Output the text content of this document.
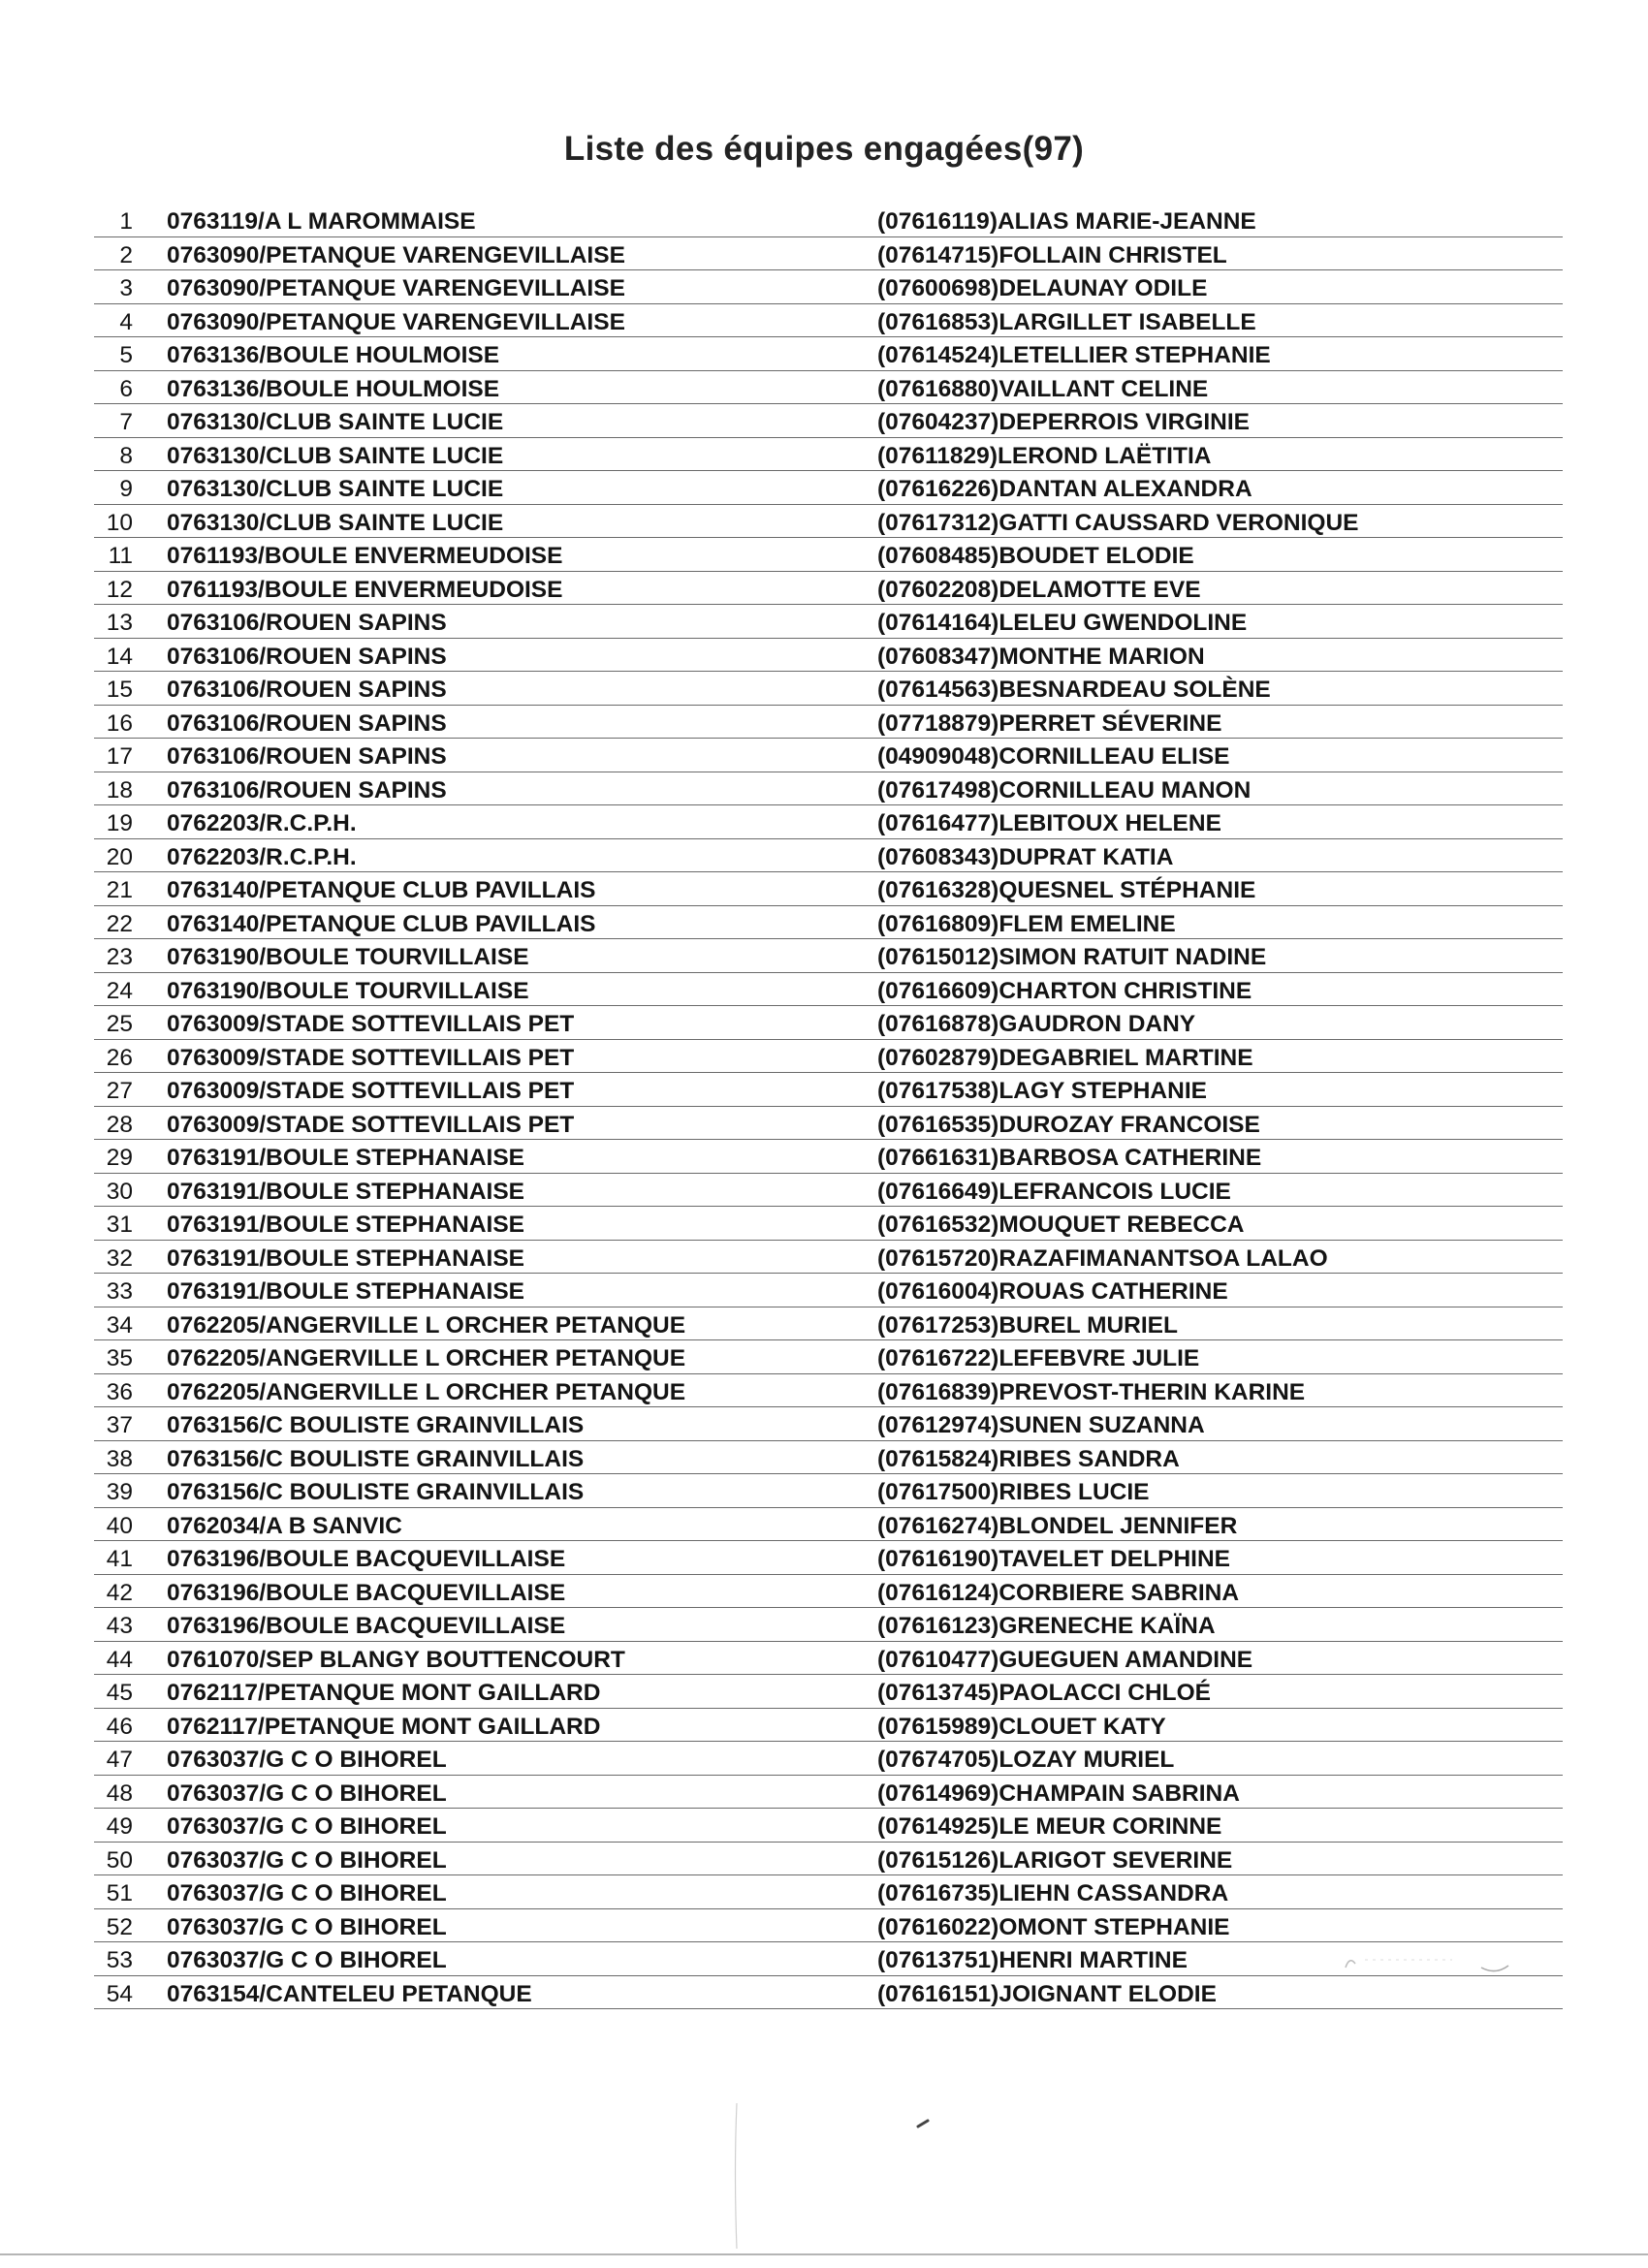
Liste des équipes engagées(97)
1 0763119/A L MAROMMAISE	(07616119)ALIAS MARIE-JEANNE
2 0763090/PETANQUE VARENGEVILLAISE	(07614715)FOLLAIN CHRISTEL
3 0763090/PETANQUE VARENGEVILLAISE	(07600698)DELAUNAY ODILE
4 0763090/PETANQUE VARENGEVILLAISE	(07616853)LARGILLET ISABELLE
5 0763136/BOULE HOULMOISE	(07614524)LETELLIER STEPHANIE
6 0763136/BOULE HOULMOISE	(07616880)VAILLANT CELINE
7 0763130/CLUB SAINTE LUCIE	(07604237)DEPERROIS VIRGINIE
8 0763130/CLUB SAINTE LUCIE	(07611829)LEROND LAËTITIA
9 0763130/CLUB SAINTE LUCIE	(07616226)DANTAN ALEXANDRA
10 0763130/CLUB SAINTE LUCIE	(07617312)GATTI CAUSSARD VERONIQUE
11 0761193/BOULE ENVERMEUDOISE	(07608485)BOUDET ELODIE
12 0761193/BOULE ENVERMEUDOISE	(07602208)DELAMOTTE EVE
13 0763106/ROUEN SAPINS	(07614164)LELEU GWENDOLINE
14 0763106/ROUEN SAPINS	(07608347)MONTHE MARION
15 0763106/ROUEN SAPINS	(07614563)BESNARDEAU SOLÈNE
16 0763106/ROUEN SAPINS	(07718879)PERRET SÉVERINE
17 0763106/ROUEN SAPINS	(04909048)CORNILLEAU ELISE
18 0763106/ROUEN SAPINS	(07617498)CORNILLEAU MANON
19 0762203/R.C.P.H.	(07616477)LEBITOUX HELENE
20 0762203/R.C.P.H.	(07608343)DUPRAT KATIA
21 0763140/PETANQUE CLUB PAVILLAIS	(07616328)QUESNEL STÉPHANIE
22 0763140/PETANQUE CLUB PAVILLAIS	(07616809)FLEM EMELINE
23 0763190/BOULE TOURVILLAISE	(07615012)SIMON RATUIT NADINE
24 0763190/BOULE TOURVILLAISE	(07616609)CHARTON CHRISTINE
25 0763009/STADE SOTTEVILLAIS PET	(07616878)GAUDRON DANY
26 0763009/STADE SOTTEVILLAIS PET	(07602879)DEGABRIEL MARTINE
27 0763009/STADE SOTTEVILLAIS PET	(07617538)LAGY STEPHANIE
28 0763009/STADE SOTTEVILLAIS PET	(07616535)DUROZAY FRANCOISE
29 0763191/BOULE STEPHANAISE	(07661631)BARBOSA CATHERINE
30 0763191/BOULE STEPHANAISE	(07616649)LEFRANCOIS LUCIE
31 0763191/BOULE STEPHANAISE	(07616532)MOUQUET REBECCA
32 0763191/BOULE STEPHANAISE	(07615720)RAZAFIMANANTSOA LALAO
33 0763191/BOULE STEPHANAISE	(07616004)ROUAS CATHERINE
34 0762205/ANGERVILLE L ORCHER PETANQUE	(07617253)BUREL MURIEL
35 0762205/ANGERVILLE L ORCHER PETANQUE	(07616722)LEFEBVRE JULIE
36 0762205/ANGERVILLE L ORCHER PETANQUE	(07616839)PREVOST-THERIN KARINE
37 0763156/C BOULISTE GRAINVILLAIS	(07612974)SUNEN SUZANNA
38 0763156/C BOULISTE GRAINVILLAIS	(07615824)RIBES SANDRA
39 0763156/C BOULISTE GRAINVILLAIS	(07617500)RIBES LUCIE
40 0762034/A B SANVIC	(07616274)BLONDEL JENNIFER
41 0763196/BOULE BACQUEVILLAISE	(07616190)TAVELET DELPHINE
42 0763196/BOULE BACQUEVILLAISE	(07616124)CORBIERE SABRINA
43 0763196/BOULE BACQUEVILLAISE	(07616123)GRENECHE KAÏNA
44 0761070/SEP BLANGY BOUTTENCOURT	(07610477)GUEGUEN AMANDINE
45 0762117/PETANQUE MONT GAILLARD	(07613745)PAOLACCI CHLOÉ
46 0762117/PETANQUE MONT GAILLARD	(07615989)CLOUET KATY
47 0763037/G C O BIHOREL	(07674705)LOZAY MURIEL
48 0763037/G C O BIHOREL	(07614969)CHAMPAIN SABRINA
49 0763037/G C O BIHOREL	(07614925)LE MEUR CORINNE
50 0763037/G C O BIHOREL	(07615126)LARIGOT SEVERINE
51 0763037/G C O BIHOREL	(07616735)LIEHN CASSANDRA
52 0763037/G C O BIHOREL	(07616022)OMONT STEPHANIE
53 0763037/G C O BIHOREL	(07613751)HENRI MARTINE
54 0763154/CANTELEU PETANQUE	(07616151)JOIGNANT ELODIE
